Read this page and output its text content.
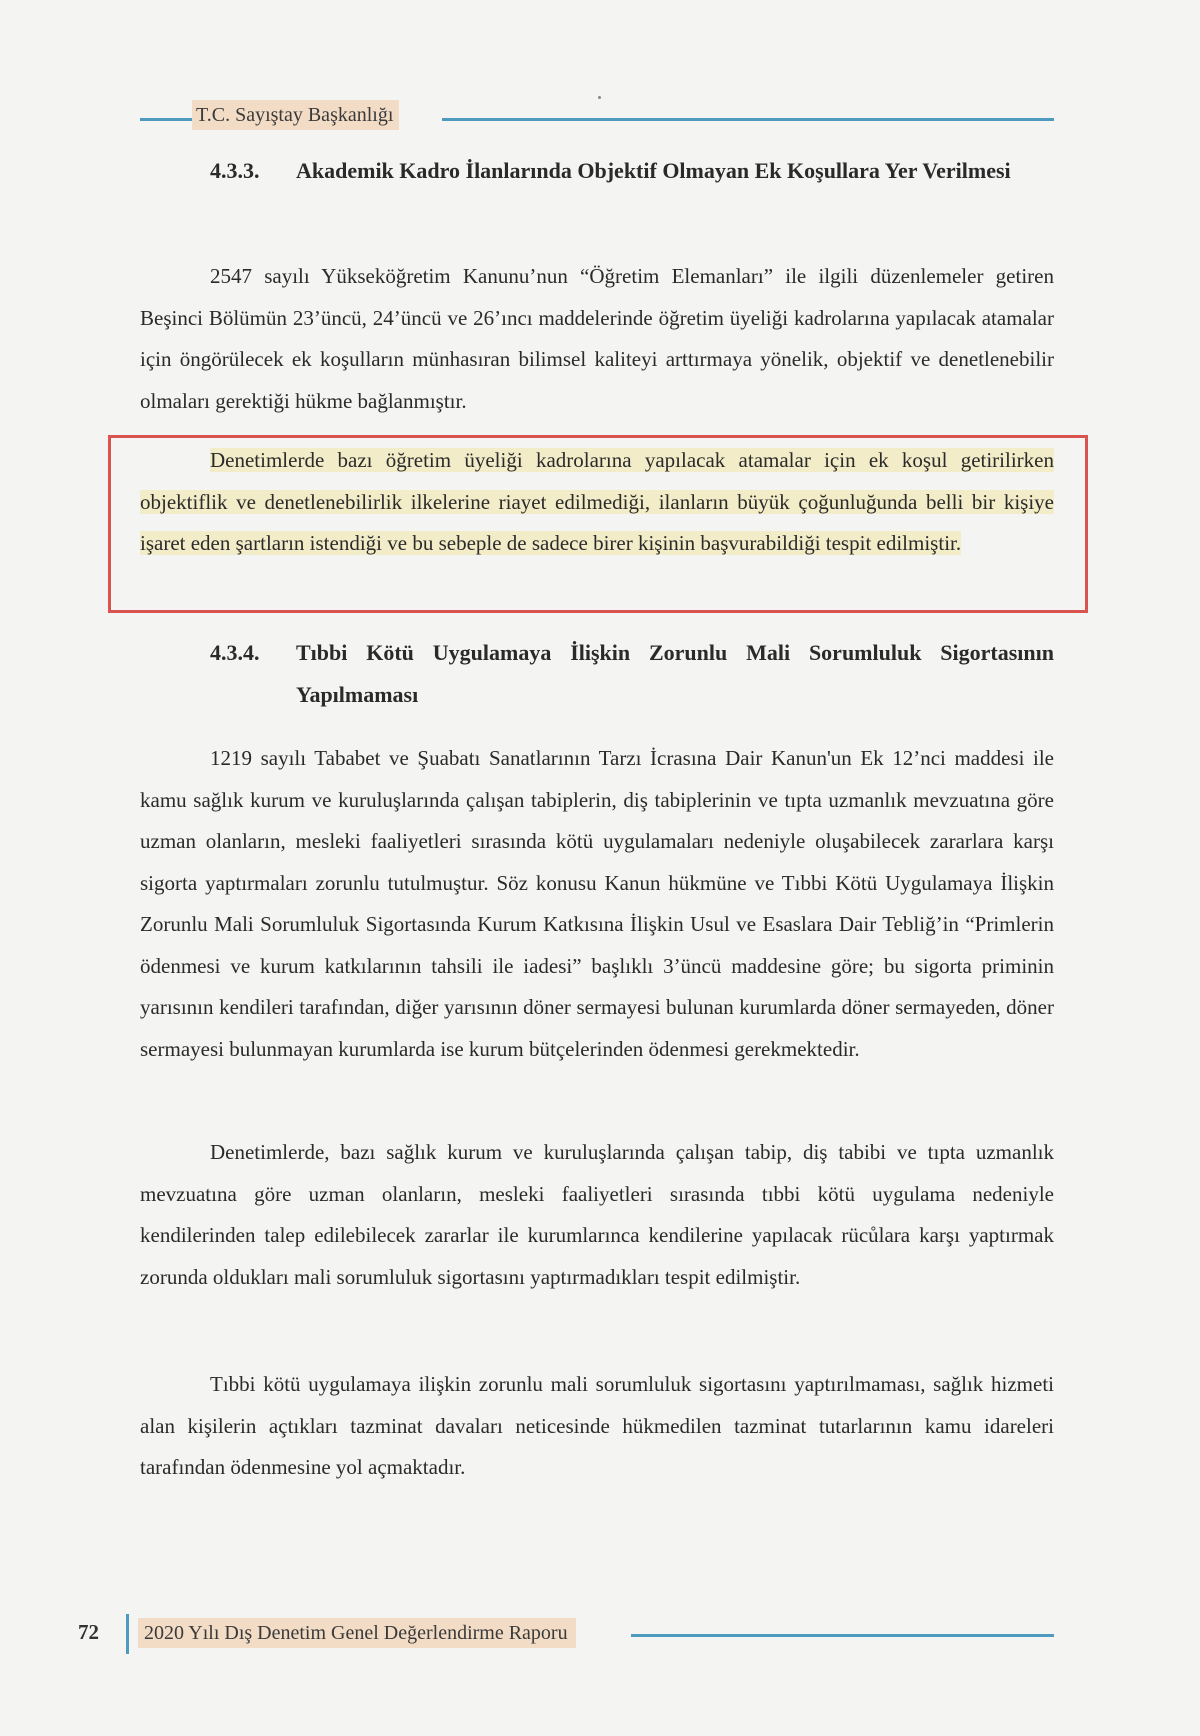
T.C. Sayıştay Başkanlığı
4.3.3. Akademik Kadro İlanlarında Objektif Olmayan Ek Koşullara Yer Verilmesi

2547 sayılı Yükseköğretim Kanunu’nun “Öğretim Elemanları” ile ilgili düzenlemeler getiren Beşinci Bölümün 23’üncü, 24’üncü ve 26’ıncı maddelerinde öğretim üyeliği kadrolarına yapılacak atamalar için öngörülecek ek koşulların münhasıran bilimsel kaliteyi arttırmaya yönelik, objektif ve denetlenebilir olmaları gerektiği hükme bağlanmıştır.

Denetimlerde bazı öğretim üyeliği kadrolarına yapılacak atamalar için ek koşul getirilirken objektiflik ve denetlenebilirlik ilkelerine riayet edilmediği, ilanların büyük çoğunluğunda belli bir kişiye işaret eden şartların istendiği ve bu sebeple de sadece birer kişinin başvurabildiği tespit edilmiştir.

4.3.4. Tıbbi Kötü Uygulamaya İlişkin Zorunlu Mali Sorumluluk Sigortasının Yapılmaması

1219 sayılı Tababet ve Şuabatı Sanatlarının Tarzı İcrasına Dair Kanun'un Ek 12’nci maddesi ile kamu sağlık kurum ve kuruluşlarında çalışan tabiplerin, diş tabiplerinin ve tıpta uzmanlık mevzuatına göre uzman olanların, mesleki faaliyetleri sırasında kötü uygulamaları nedeniyle oluşabilecek zararlara karşı sigorta yaptırmaları zorunlu tutulmuştur. Söz konusu Kanun hükmüne ve Tıbbi Kötü Uygulamaya İlişkin Zorunlu Mali Sorumluluk Sigortasında Kurum Katkısına İlişkin Usul ve Esaslara Dair Tebliğ’in “Primlerin ödenmesi ve kurum katkılarının tahsili ile iadesi” başlıklı 3’üncü maddesine göre; bu sigorta priminin yarısının kendileri tarafından, diğer yarısının döner sermayesi bulunan kurumlarda döner sermayeden, döner sermayesi bulunmayan kurumlarda ise kurum bütçelerinden ödenmesi gerekmektedir.

Denetimlerde, bazı sağlık kurum ve kuruluşlarında çalışan tabip, diş tabibi ve tıpta uzmanlık mevzuatına göre uzman olanların, mesleki faaliyetleri sırasında tıbbi kötü uygulama nedeniyle kendilerinden talep edilebilecek zararlar ile kurumlarınca kendilerine yapılacak rücůlara karşı yaptırmak zorunda oldukları mali sorumluluk sigortasını yaptırmadıkları tespit edilmiştir.

Tıbbi kötü uygulamaya ilişkin zorunlu mali sorumluluk sigortasını yaptırılmaması, sağlık hizmeti alan kişilerin açtıkları tazminat davaları neticesinde hükmedilen tazminat tutarlarının kamu idareleri tarafından ödenmesine yol açmaktadır.

72	2020 Yılı Dış Denetim Genel Değerlendirme Raporu
